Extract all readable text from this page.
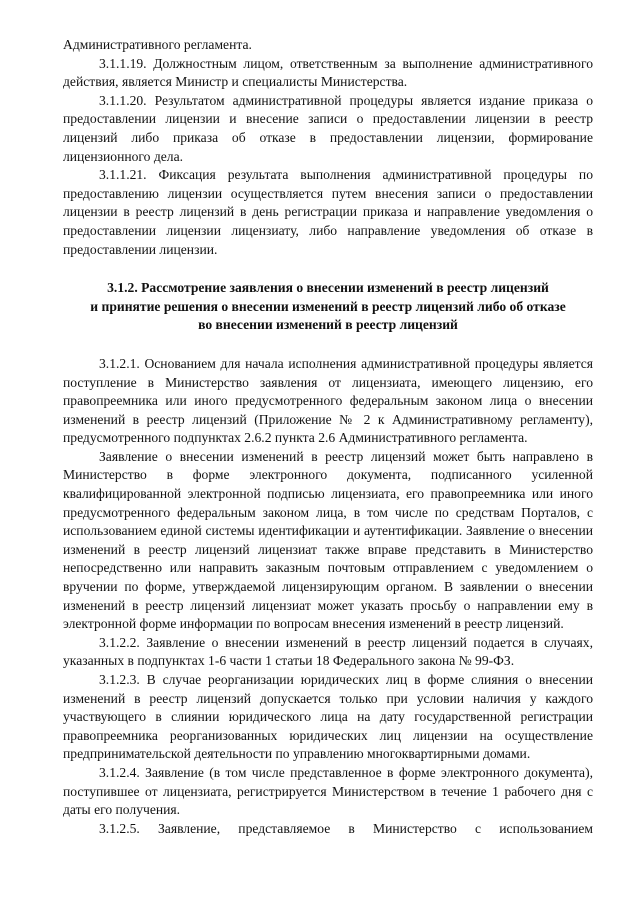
Административного регламента.

3.1.1.19. Должностным лицом, ответственным за выполнение административного действия, является Министр и специалисты Министерства.

3.1.1.20. Результатом административной процедуры является издание приказа о предоставлении лицензии и внесение записи о предоставлении лицензии в реестр лицензий либо приказа об отказе в предоставлении лицензии, формирование лицензионного дела.

3.1.1.21. Фиксация результата выполнения административной процедуры по предоставлению лицензии осуществляется путем внесения записи о предоставлении лицензии в реестр лицензий в день регистрации приказа и направление уведомления о предоставлении лицензии лицензиату, либо направление уведомления об отказе в предоставлении лицензии.

3.1.2. Рассмотрение заявления о внесении изменений в реестр лицензий
и принятие решения о внесении изменений в реестр лицензий либо об отказе
во внесении изменений в реестр лицензий

3.1.2.1. Основанием для начала исполнения административной процедуры является поступление в Министерство заявления от лицензиата, имеющего лицензию, его правопреемника или иного предусмотренного федеральным законом лица о внесении изменений в реестр лицензий (Приложение № 2 к Административному регламенту), предусмотренного подпунктах 2.6.2 пункта 2.6 Административного регламента.

Заявление о внесении изменений в реестр лицензий может быть направлено в Министерство в форме электронного документа, подписанного усиленной квалифицированной электронной подписью лицензиата, его правопреемника или иного предусмотренного федеральным законом лица, в том числе по средствам Порталов, с использованием единой системы идентификации и аутентификации. Заявление о внесении изменений в реестр лицензий лицензиат также вправе представить в Министерство непосредственно или направить заказным почтовым отправлением с уведомлением о вручении по форме, утверждаемой лицензирующим органом. В заявлении о внесении изменений в реестр лицензий лицензиат может указать просьбу о направлении ему в электронной форме информации по вопросам внесения изменений в реестр лицензий.

3.1.2.2. Заявление о внесении изменений в реестр лицензий подается в случаях, указанных в подпунктах 1-6 части 1 статьи 18 Федерального закона № 99-ФЗ.

3.1.2.3. В случае реорганизации юридических лиц в форме слияния о внесении изменений в реестр лицензий допускается только при условии наличия у каждого участвующего в слиянии юридического лица на дату государственной регистрации правопреемника реорганизованных юридических лиц лицензии на осуществление предпринимательской деятельности по управлению многоквартирными домами.

3.1.2.4. Заявление (в том числе представленное в форме электронного документа), поступившее от лицензиата, регистрируется Министерством в течение 1 рабочего дня с даты его получения.

3.1.2.5. Заявление, представляемое в Министерство с использованием
